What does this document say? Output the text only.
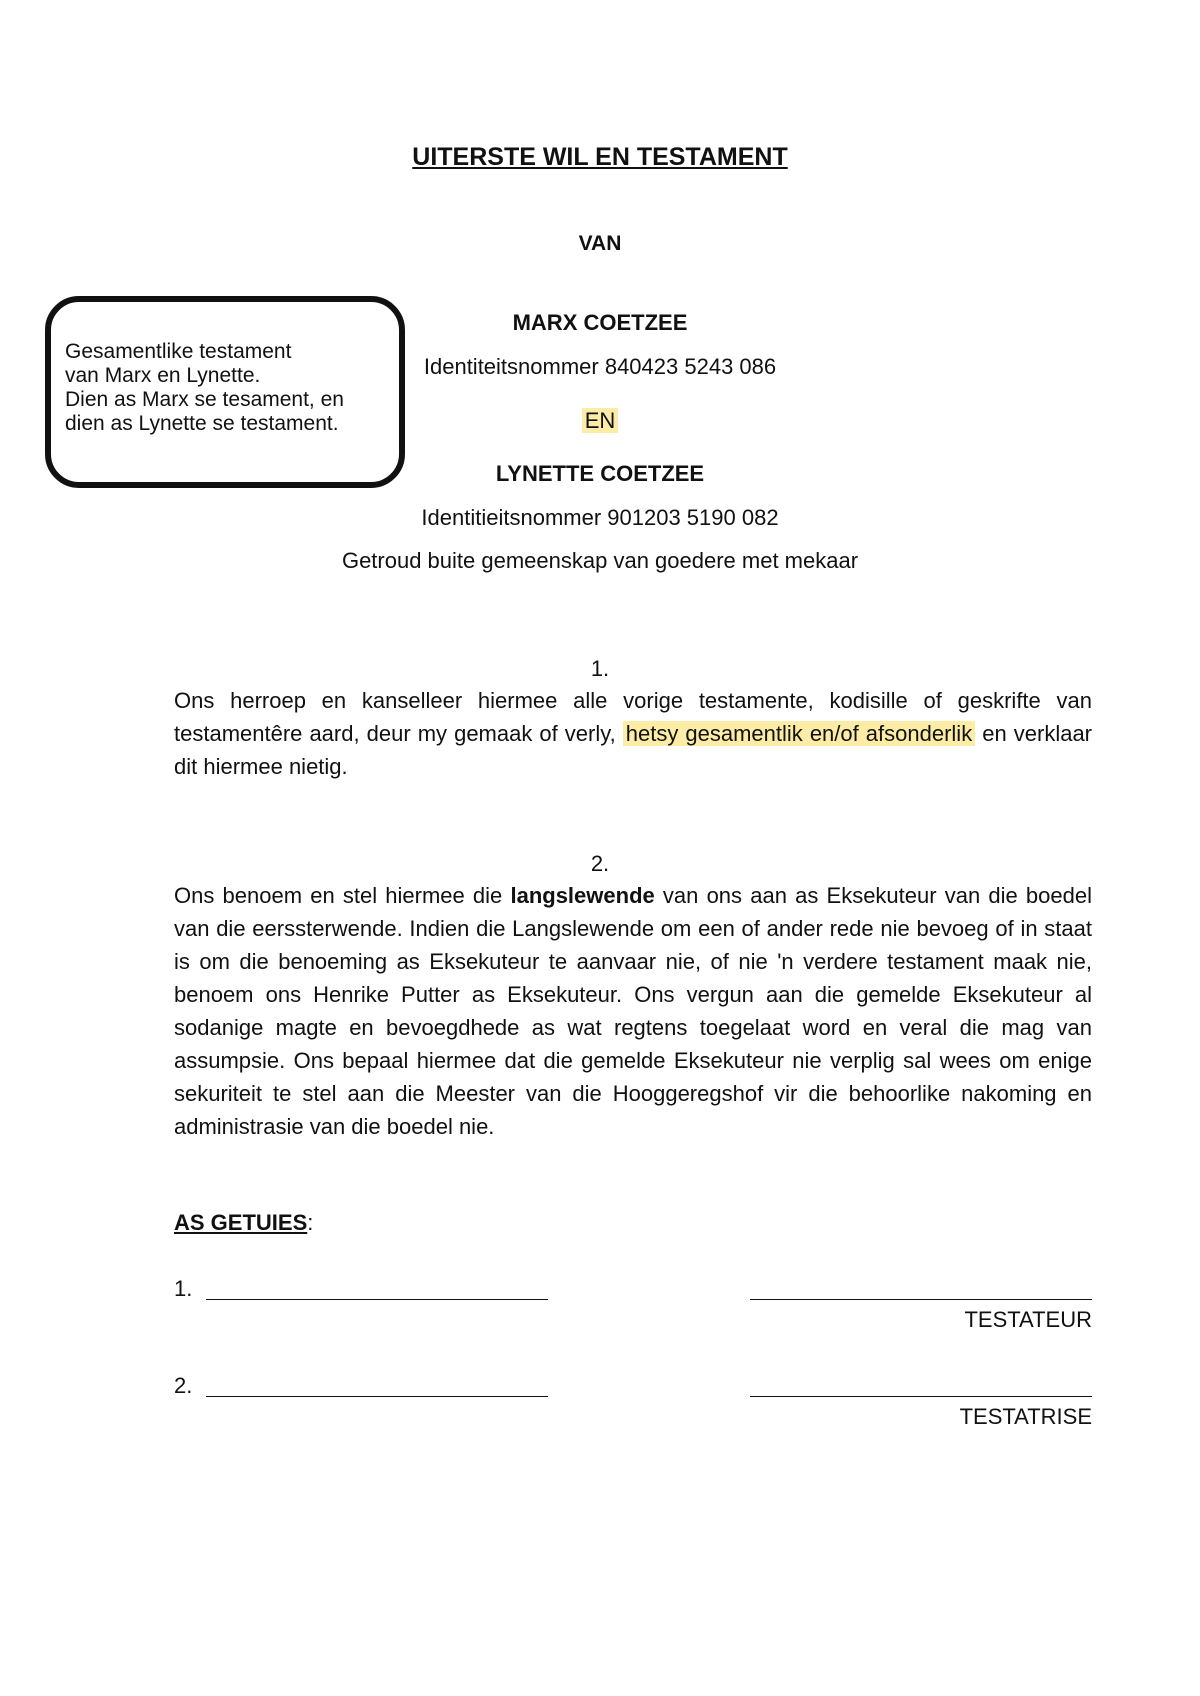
UITERSTE WIL EN TESTAMENT
VAN
MARX COETZEE
Identiteitsnommer 840423 5243 086
EN
LYNETTE COETZEE
Identitieitsnommer 901203 5190 082
Getroud buite gemeenskap van goedere met mekaar
Gesamentlike testament
van Marx en Lynette.
Dien as Marx se tesament, en
dien as Lynette se testament.
1.
Ons herroep en kanselleer hiermee alle vorige testamente, kodisille of geskrifte van testamentêre aard, deur my gemaak of verly, hetsy gesamentlik en/of afsonderlik en verklaar dit hiermee nietig.
2.
Ons benoem en stel hiermee die langslewende van ons aan as Eksekuteur van die boedel van die eerssterwende. Indien die Langslewende om een of ander rede nie bevoeg of in staat is om die benoeming as Eksekuteur te aanvaar nie, of nie 'n verdere testament maak nie, benoem ons Henrike Putter as Eksekuteur. Ons vergun aan die gemelde Eksekuteur al sodanige magte en bevoegdhede as wat regtens toegelaat word en veral die mag van assumpsie. Ons bepaal hiermee dat die gemelde Eksekuteur nie verplig sal wees om enige sekuriteit te stel aan die Meester van die Hooggeregshof vir die behoorlike nakoming en administrasie van die boedel nie.
AS GETUIES:
1.
TESTATEUR
2.
TESTATRISE
